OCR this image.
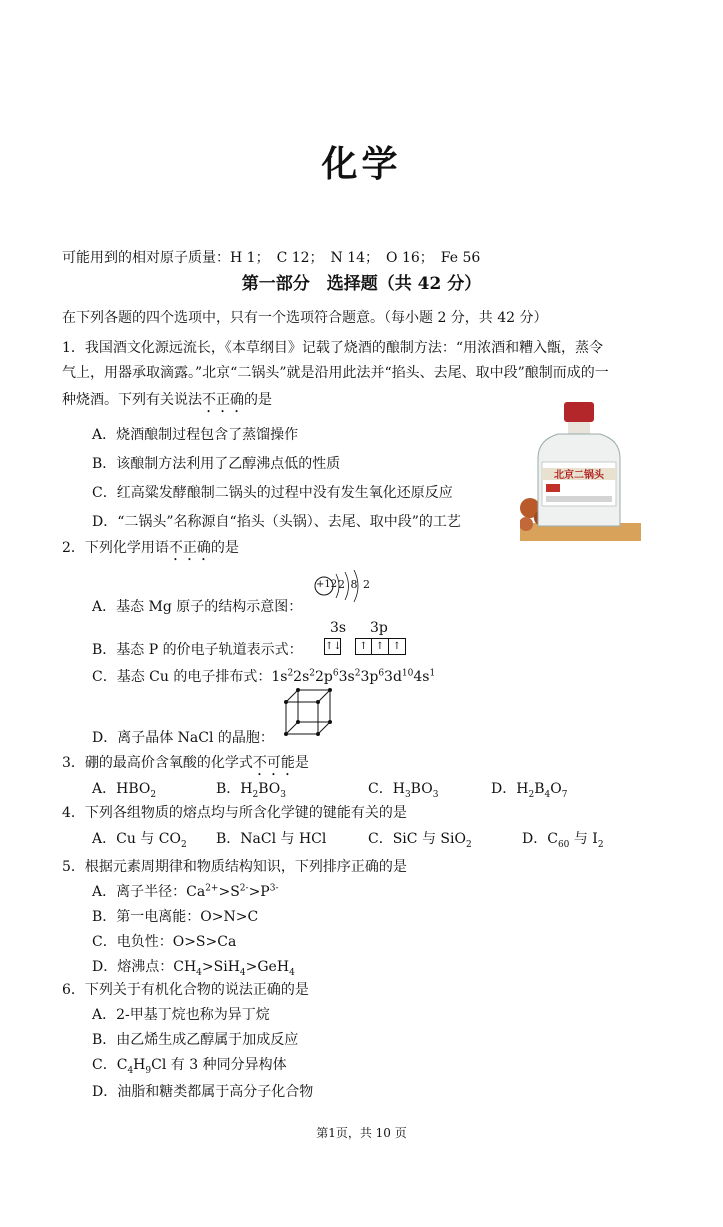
化学
可能用到的相对原子质量：H 1；　C 12；　N 14；　O 16；　Fe 56
第一部分　选择题（共 42 分）
在下列各题的四个选项中，只有一个选项符合题意。（每小题 2 分，共 42 分）
1．我国酒文化源远流长，《本草纲目》记载了烧酒的酿制方法：“用浓酒和糟入甑，蒸令
气上，用器承取滴露。”北京“二锅头”就是沿用此法并“掐头、去尾、取中段”酿制而成的一
种烧酒。下列有关说法不正确的是
A．烧酒酿制过程包含了蒸馏操作
B．该酿制方法利用了乙醇沸点低的性质
C．红高粱发酵酿制二锅头的过程中没有发生氧化还原反应
D．“二锅头”名称源自“掐头（头锅）、去尾、取中段”的工艺
北京二锅头
2．下列化学用语不正确的是
A．基态 Mg 原子的结构示意图：
+12 2 8 2
3s 3p
B．基态 P 的价电子轨道表示式： ↑↓ ↑ ↑ ↑
C．基态 Cu 的电子排布式：$1s^22s^22p^63s^23p^63d^{10}4s^1$
D．离子晶体 NaCl 的晶胞：
3．硼的最高价含氧酸的化学式不可能是
A．$HBO_2$	B．$H_2BO_3$	C．$H_3BO_3$	D．$H_2B_4O_7$
4．下列各组物质的熔点均与所含化学键的键能有关的是
A．Cu 与 $CO_2$ B．NaCl 与 HCl	C．SiC 与 SiO$_2$	D．$C_{60}$ 与 $I_2$
5．根据元素周期律和物质结构知识，下列排序正确的是
A．离子半径：$Ca^{2+}>S^{2-}>P^{3-}$
B．第一电离能：O>N>C
C．电负性：O>S>Ca
D．熔沸点：$CH_4>SiH_4>GeH_4$
6．下列关于有机化合物的说法正确的是
A．2-甲基丁烷也称为异丁烷
B．由乙烯生成乙醇属于加成反应
C．$C_4H_9Cl$ 有 3 种同分异构体
D．油脂和糖类都属于高分子化合物
第1页，共 10 页
